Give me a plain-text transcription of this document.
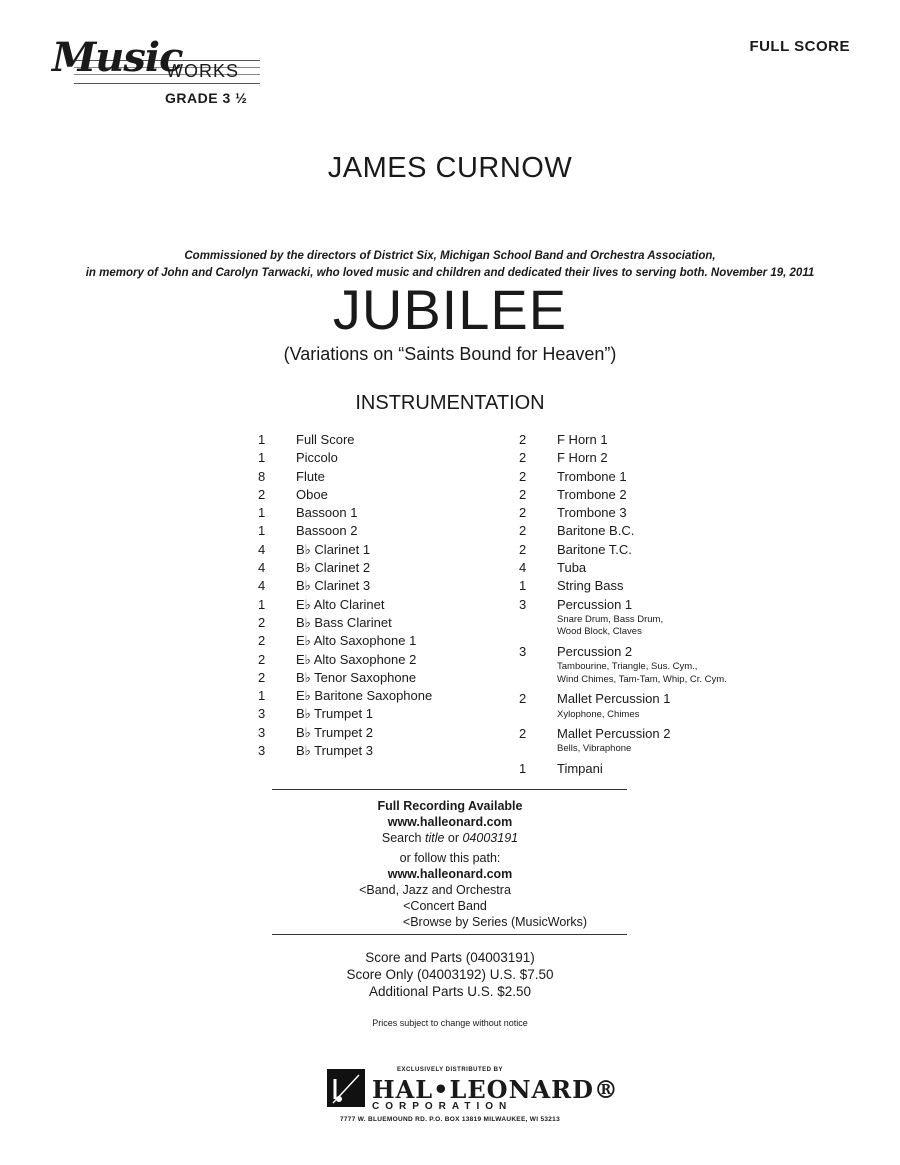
Music
WORKS
GRADE 3 ½
FULL SCORE
JAMES CURNOW
Commissioned by the directors of District Six, Michigan School Band and Orchestra Association,
in memory of John and Carolyn Tarwacki, who loved music and children and dedicated their lives to serving both. November 19, 2011
JUBILEE
(Variations on “Saints Bound for Heaven”)
INSTRUMENTATION
1	Full Score
1	Piccolo
8	Flute
2	Oboe
1	Bassoon 1
1	Bassoon 2
4	B♭ Clarinet 1
4	B♭ Clarinet 2
4	B♭ Clarinet 3
1	E♭ Alto Clarinet
2	B♭ Bass Clarinet
2	E♭ Alto Saxophone 1
2	E♭ Alto Saxophone 2
2	B♭ Tenor Saxophone
1	E♭ Baritone Saxophone
3	B♭ Trumpet 1
3	B♭ Trumpet 2
3	B♭ Trumpet 3
2	F Horn 1
2	F Horn 2
2	Trombone 1
2	Trombone 2
2	Trombone 3
2	Baritone B.C.
2	Baritone T.C.
4	Tuba
1	String Bass
3	Percussion 1
Snare Drum, Bass Drum,
Wood Block, Claves
3	Percussion 2
Tambourine, Triangle, Sus. Cym.,
Wind Chimes, Tam-Tam, Whip, Cr. Cym.
2	Mallet Percussion 1
Xylophone, Chimes
2	Mallet Percussion 2
Bells, Vibraphone
1	Timpani
Full Recording Available
www.halleonard.com
Search title or 04003191
or follow this path:
www.halleonard.com
<Band, Jazz and Orchestra
<Concert Band
<Browse by Series (MusicWorks)
Score and Parts (04003191)
Score Only (04003192) U.S. $7.50
Additional Parts U.S. $2.50
Prices subject to change without notice
EXCLUSIVELY DISTRIBUTED BY
HAL•LEONARD®
CORPORATION
7777 W. BLUEMOUND RD. P.O. BOX 13819 MILWAUKEE, WI 53213
